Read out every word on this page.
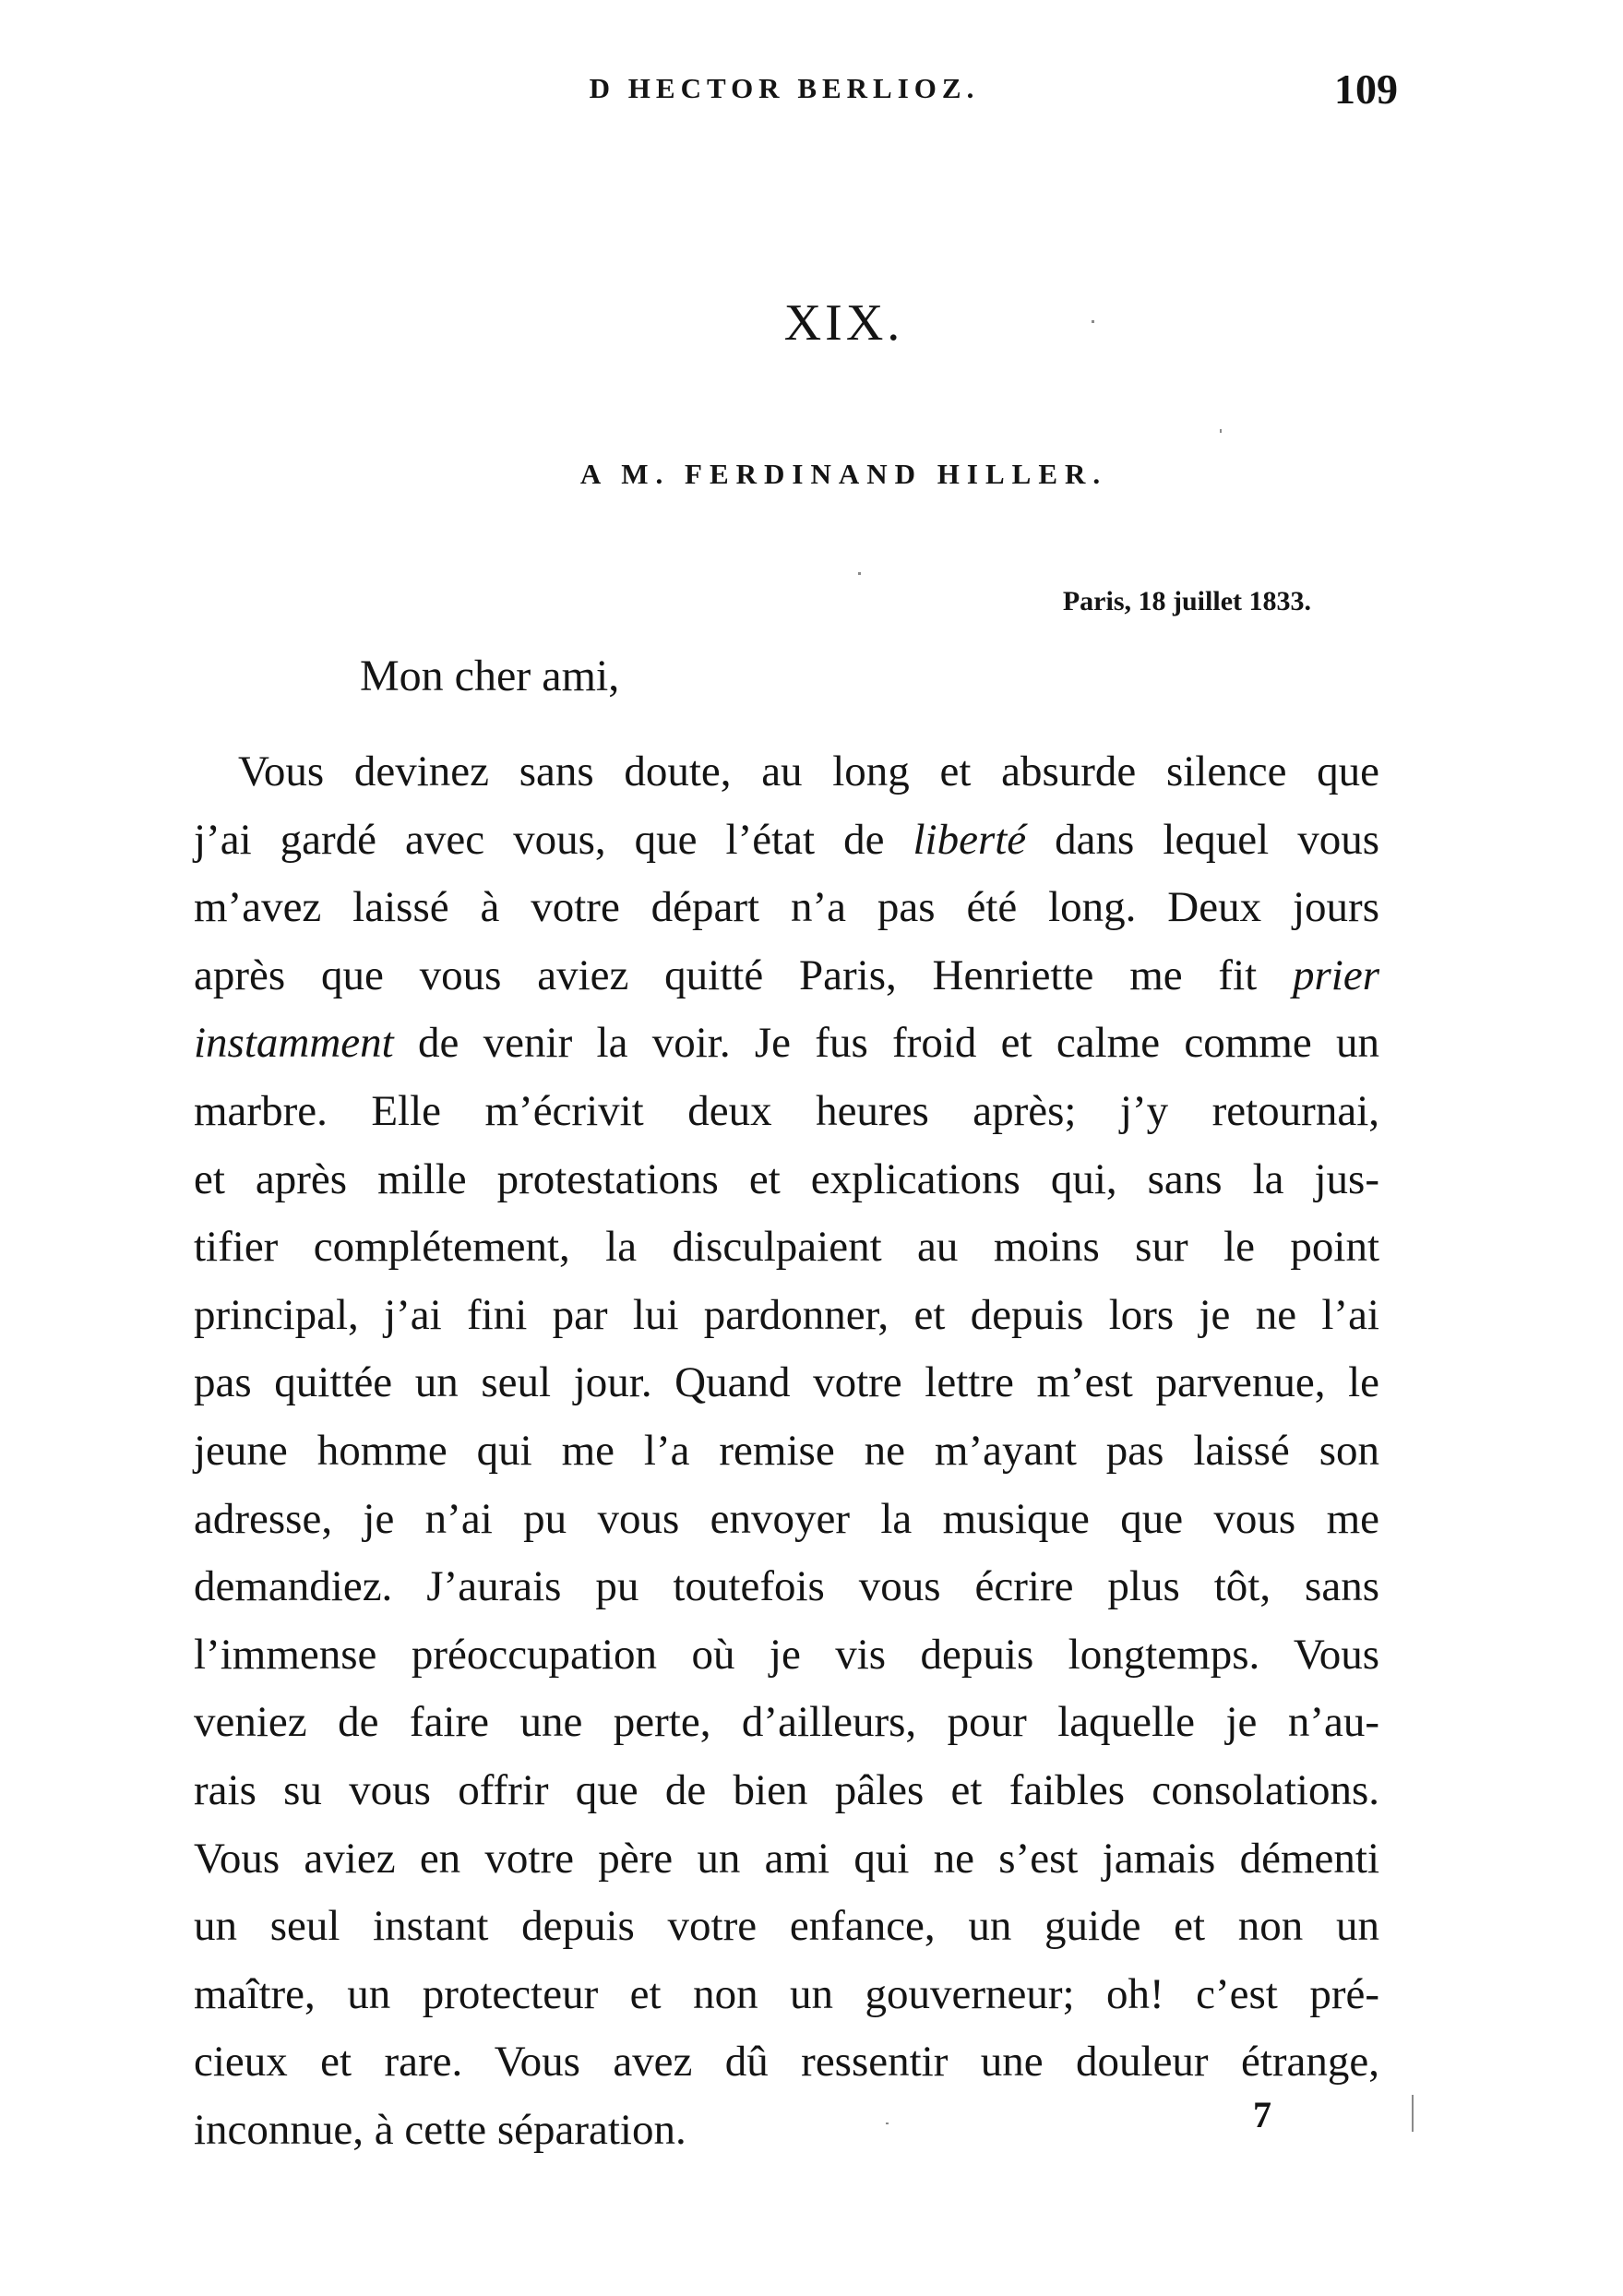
D HECTOR BERLIOZ.	109
XIX.
A M. FERDINAND HILLER.
Paris, 18 juillet 1833.
Mon cher ami,
Vous devinez sans doute, au long et absurde silence que
j’ai gardé avec vous, que l’état de liberté dans lequel vous
m’avez laissé à votre départ n’a pas été long. Deux jours
après que vous aviez quitté Paris, Henriette me fit prier
instamment de venir la voir. Je fus froid et calme comme un
marbre. Elle m’écrivit deux heures après; j’y retournai,
et après mille protestations et explications qui, sans la jus-
tifier complétement, la disculpaient au moins sur le point
principal, j’ai fini par lui pardonner, et depuis lors je ne l’ai
pas quittée un seul jour. Quand votre lettre m’est parvenue, le
jeune homme qui me l’a remise ne m’ayant pas laissé son
adresse, je n’ai pu vous envoyer la musique que vous me
demandiez. J’aurais pu toutefois vous écrire plus tôt, sans
l’immense préoccupation où je vis depuis longtemps. Vous
veniez de faire une perte, d’ailleurs, pour laquelle je n’au-
rais su vous offrir que de bien pâles et faibles consolations.
Vous aviez en votre père un ami qui ne s’est jamais démenti
un seul instant depuis votre enfance, un guide et non un
maître, un protecteur et non un gouverneur; oh! c’est pré-
cieux et rare. Vous avez dû ressentir une douleur étrange,
inconnue, à cette séparation.	7
